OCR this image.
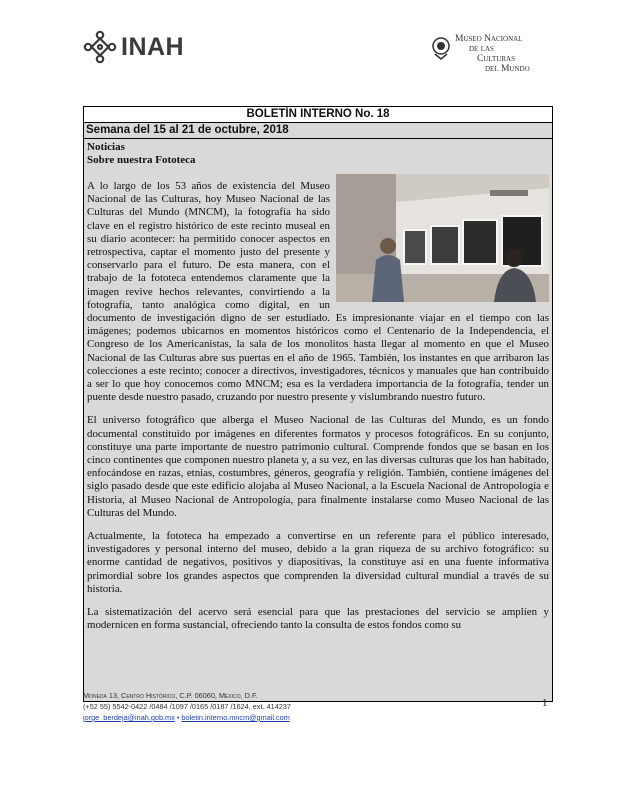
INAH	Museo Nacional
de las
Culturas
del Mundo
BOLETÍN INTERNO No. 18
Semana del 15 al 21 de octubre, 2018
Noticias
Sobre nuestra Fototeca

A lo largo de los 53 años de existencia del Museo Nacional de las Culturas, hoy Museo Nacional de las Culturas del Mundo (MNCM), la fotografía ha sido clave en el registro histórico de este recinto museal en su diario acontecer: ha permitido conocer aspectos en retrospectiva, captar el momento justo del presente y conservarlo para el futuro. De esta manera, con el trabajo de la fototeca entendemos claramente que la imagen revive hechos relevantes, convirtiendo a la fotografía, tanto analógica como digital, en un documento de investigación digno de ser estudiado. Es impresionante viajar en el tiempo con las imágenes; podemos ubicarnos en momentos históricos como el Centenario de la Independencia, el Congreso de los Americanistas, la sala de los monolitos hasta llegar al momento en que el Museo Nacional de las Culturas abre sus puertas en el año de 1965. También, los instantes en que arribaron las colecciones a este recinto; conocer a directivos, investigadores, técnicos y manuales que han contribuido a ser lo que hoy conocemos como MNCM; esa es la verdadera importancia de la fotografía, tender un puente desde nuestro pasado, cruzando por nuestro presente y vislumbrando nuestro futuro.

El universo fotográfico que alberga el Museo Nacional de las Culturas del Mundo, es un fondo documental constituido por imágenes en diferentes formatos y procesos fotográficos. En su conjunto, constituye una parte importante de nuestro patrimonio cultural. Comprende fondos que se basan en los cinco continentes que componen nuestro planeta y, a su vez, en las diversas culturas que los han habitado, enfocándose en razas, etnias, costumbres, géneros, geografía y religión. También, contiene imágenes del siglo pasado desde que este edificio alojaba al Museo Nacional, a la Escuela Nacional de Antropología e Historia, al Museo Nacional de Antropología, para finalmente instalarse como Museo Nacional de las Culturas del Mundo.

Actualmente, la fototeca ha empezado a convertirse en un referente para el público interesado, investigadores y personal interno del museo, debido a la gran riqueza de su archivo fotográfico: su enorme cantidad de negativos, positivos y diapositivas, la constituye así en una fuente informativa primordial sobre los grandes aspectos que comprenden la diversidad cultural mundial a través de su historia.

La sistematización del acervo será esencial para que las prestaciones del servicio se amplíen y modernicen en forma sustancial, ofreciendo tanto la consulta de estos fondos como su

Moneda 13, Centro Histórico, C.P. 06060, México, D.F.
(+52 55) 5542-0422 /0484 /1097 /0165 /0187 /1624, ext. 414237
jorge_berdeja@inah.gob.mx • boletin.interno.mncm@gmail.com
1
